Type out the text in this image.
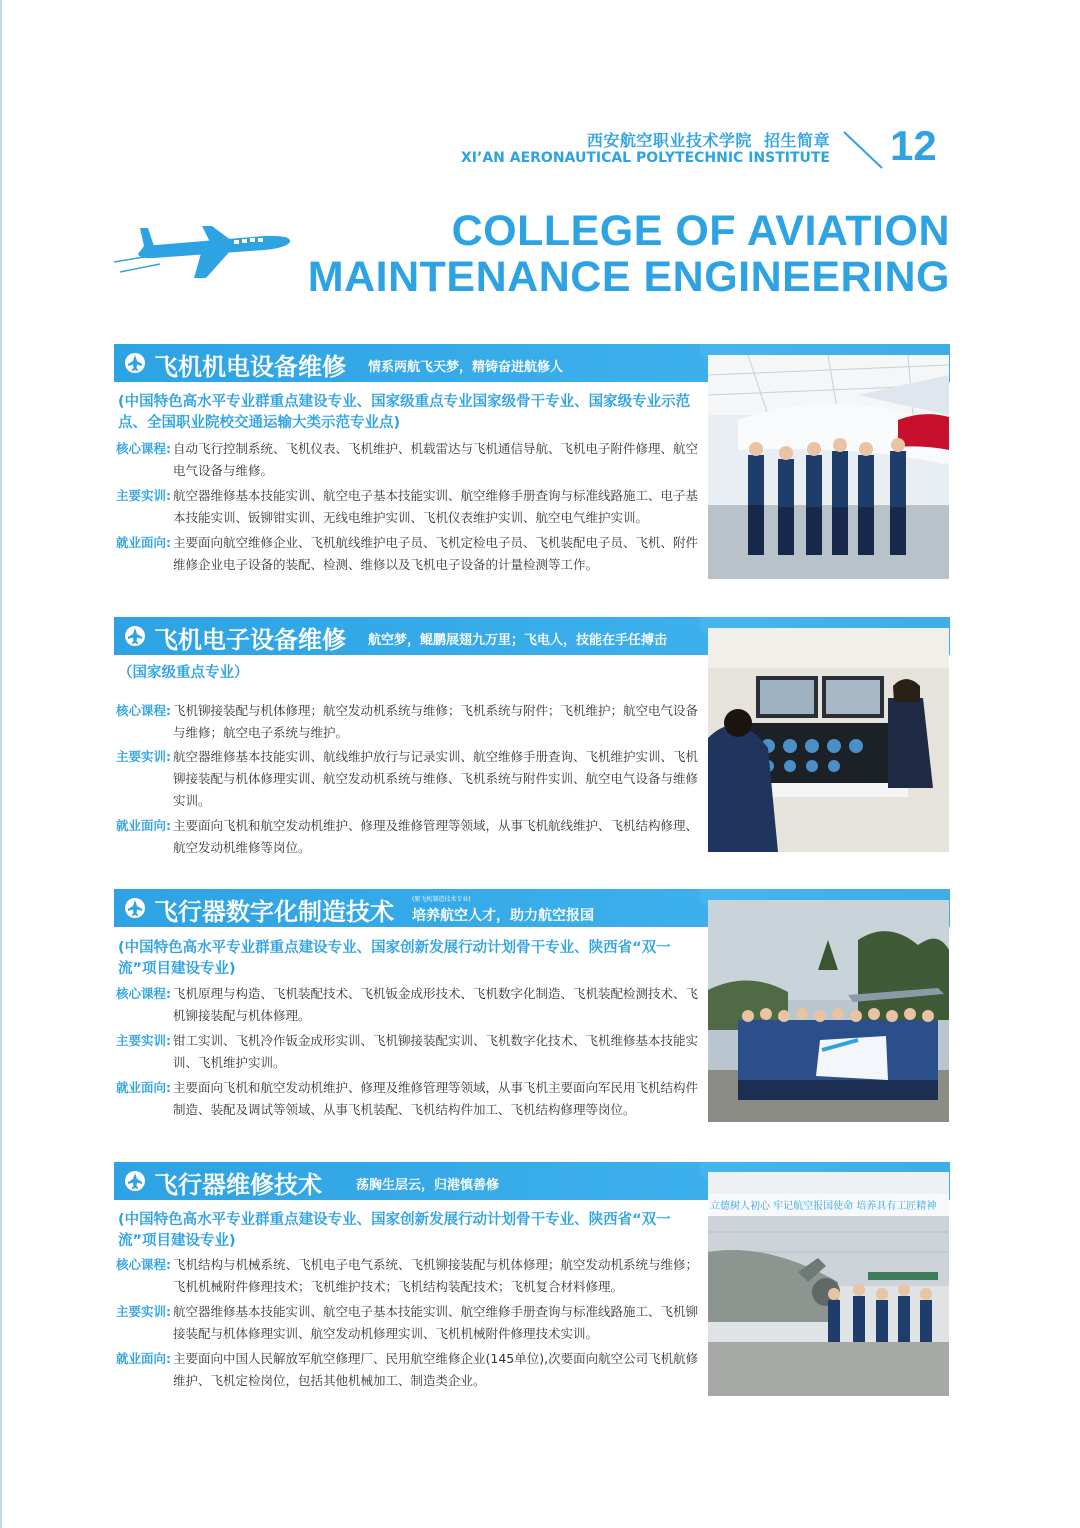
西安航空职业技术学院 招生简章
XI’AN AERONAUTICAL POLYTECHNIC INSTITUTE 12
COLLEGE OF AVIATION
MAINTENANCE ENGINEERING
飞机机电设备维修 情系两航飞天梦，精铸奋进航修人
(中国特色高水平专业群重点建设专业、国家级重点专业国家级骨干专业、国家级专业示范点、全国职业院校交通运输大类示范专业点)
核心课程: 自动飞行控制系统、飞机仪表、飞机维护、机载雷达与飞机通信导航、飞机电子附件修理、航空电气设备与维修。
主要实训: 航空器维修基本技能实训、航空电子基本技能实训、航空维修手册查询与标准线路施工、电子基本技能实训、钣铆钳实训、无线电维护实训、飞机仪表维护实训、航空电气维护实训。
就业面向: 主要面向航空维修企业、飞机航线维护电子员、飞机定检电子员、飞机装配电子员、飞机、附件维修企业电子设备的装配、检测、维修以及飞机电子设备的计量检测等工作。
飞机电子设备维修 航空梦，鲲鹏展翅九万里；飞电人，技能在手任搏击
（国家级重点专业）
核心课程: 飞机铆接装配与机体修理；航空发动机系统与维修；飞机系统与附件；飞机维护；航空电气设备与维修；航空电子系统与维护。
主要实训: 航空器维修基本技能实训、航线维护放行与记录实训、航空维修手册查询、飞机维护实训、飞机铆接装配与机体修理实训、航空发动机系统与维修、飞机系统与附件实训、航空电气设备与维修实训。
就业面向: 主要面向飞机和航空发动机维护、修理及维修管理等领域，从事飞机航线维护、飞机结构修理、航空发动机维修等岗位。
飞行器数字化制造技术	(原飞机制造技术专业)
培养航空人才，助力航空报国
(中国特色高水平专业群重点建设专业、国家创新发展行动计划骨干专业、陕西省“双一流”项目建设专业)
核心课程: 飞机原理与构造、飞机装配技术、飞机钣金成形技术、飞机数字化制造、飞机装配检测技术、飞机铆接装配与机体修理。
主要实训: 钳工实训、飞机冷作钣金成形实训、飞机铆接装配实训、飞机数字化技术、飞机维修基本技能实训、飞机维护实训。
就业面向: 主要面向飞机和航空发动机维护、修理及维修管理等领域，从事飞机主要面向军民用飞机结构件制造、装配及调试等领域、从事飞机装配、飞机结构件加工、飞机结构修理等岗位。
飞行器维修技术	荡胸生层云，归港慎善修
(中国特色高水平专业群重点建设专业、国家创新发展行动计划骨干专业、陕西省“双一流”项目建设专业)
核心课程: 飞机结构与机械系统、飞机电子电气系统、飞机铆接装配与机体修理；航空发动机系统与维修；飞机机械附件修理技术；飞机维护技术；飞机结构装配技术；飞机复合材料修理。
主要实训: 航空器维修基本技能实训、航空电子基本技能实训、航空维修手册查询与标准线路施工、飞机铆接装配与机体修理实训、航空发动机修理实训、飞机机械附件修理技术实训。
就业面向: 主要面向中国人民解放军航空修理厂、民用航空维修企业(145单位),次要面向航空公司飞机航修维护、飞机定检岗位，包括其他机械加工、制造类企业。
立德树人初心 牢记航空报国使命 培养具有工匠精神
